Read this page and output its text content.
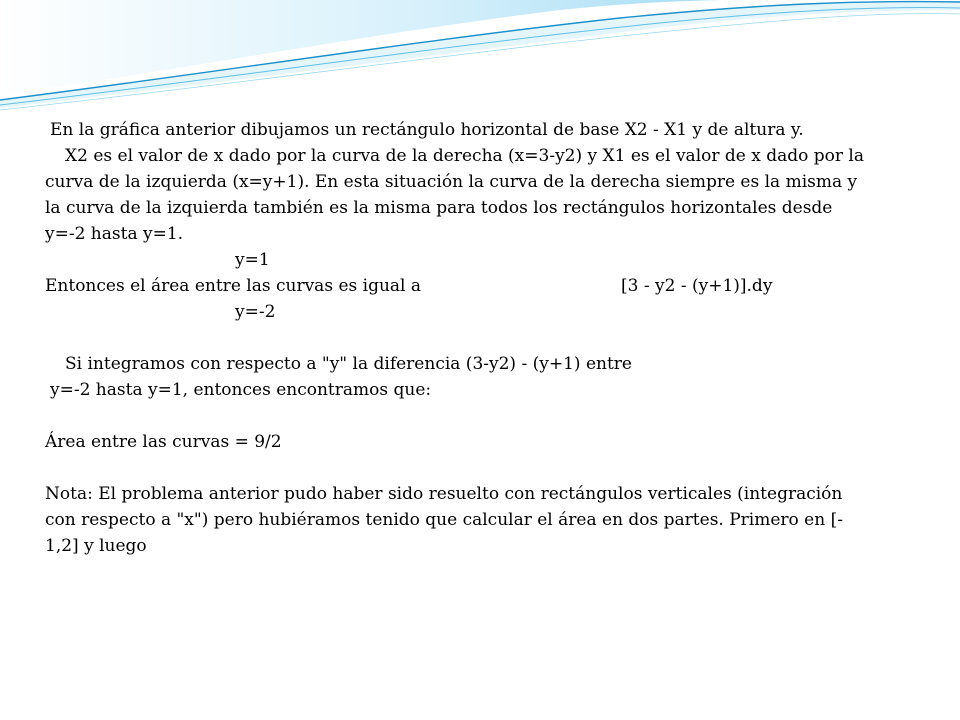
En la gráfica anterior dibujamos un rectángulo horizontal de base X2 - X1 y de altura y.

X2 es el valor de x dado por la curva de la derecha (x=3-y2) y X1 es el valor de x dado por la

curva de la izquierda (x=y+1). En esta situación la curva de la derecha siempre es la misma y

la curva de la izquierda también es la misma para todos los rectángulos horizontales desde

y=-2 hasta y=1.

y=1

Entonces el área entre las curvas es igual a	[3 - y2 - (y+1)].dy

y=-2

Si integramos con respecto a "y" la diferencia (3-y2) - (y+1) entre

y=-2 hasta y=1, entonces encontramos que:

Área entre las curvas = 9/2

Nota: El problema anterior pudo haber sido resuelto con rectángulos verticales (integración

con respecto a "x") pero hubiéramos tenido que calcular el área en dos partes. Primero en [-

1,2] y luego
